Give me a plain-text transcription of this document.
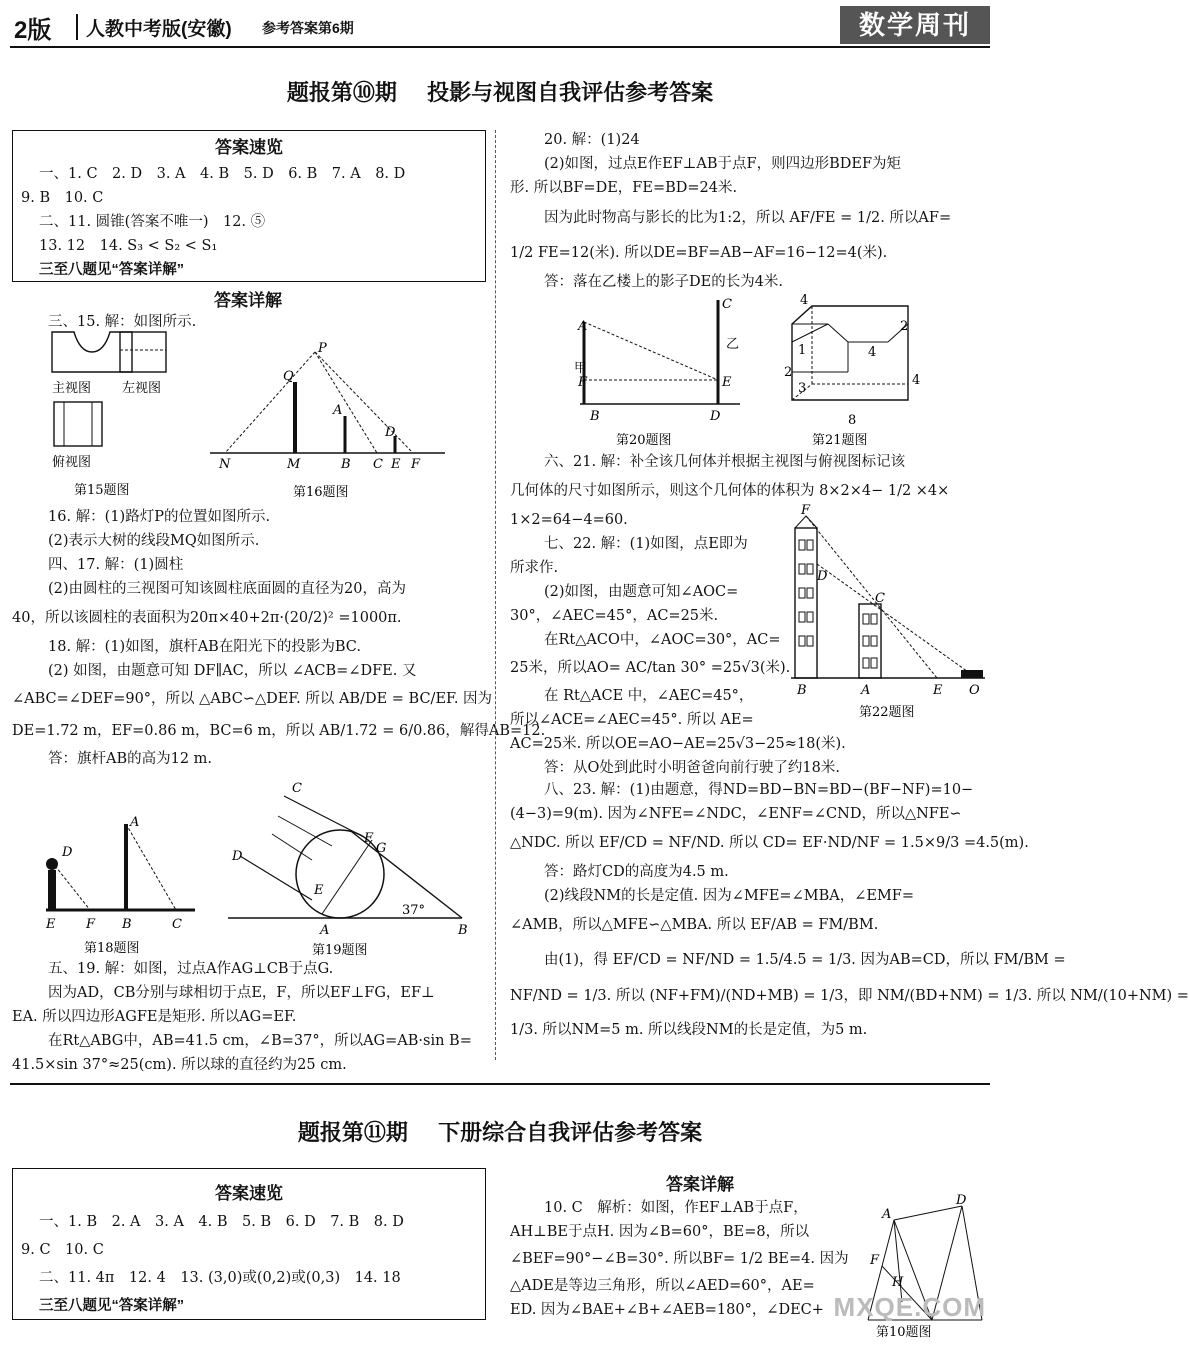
2版 人教中考版(安徽) 参考答案第6期	数学周刊
题报第⑩期 投影与视图自我评估参考答案
答案速览
一、1. C　2. D　3. A　4. B　5. D　6. B　7. A　8. D
9. B　10. C
二、11. 圆锥(答案不唯一)　12. ⑤
13. 12　14. S₃ < S₂ < S₁
三至八题见“答案详解”
答案详解
三、15. 解：如图所示.
主视图 左视图
俯视图
第15题图
P
Q
A
D
N	M	B C E F
第16题图

16. 解：(1)路灯P的位置如图所示.

(2)表示大树的线段MQ如图所示.

四、17. 解：(1)圆柱

(2)由圆柱的三视图可知该圆柱底面圆的直径为20，高为

40，所以该圆柱的表面积为20π×40+2π·(20/2)² =1000π.

18. 解：(1)如图，旗杆AB在阳光下的投影为BC.

(2) 如图，由题意可知 DF∥AC，所以 ∠ACB=∠DFE. 又

∠ABC=∠DEF=90°，所以 △ABC∽△DEF. 所以 AB/DE = BC/EF. 因为

DE=1.72 m，EF=0.86 m，BC=6 m，所以 AB/1.72 = 6/0.86，解得AB=12.

答：旗杆AB的高为12 m.

D
A
E F B	C
第18题图
C
D
F
G
E
A	B
37°
第19题图

五、19. 解：如图，过点A作AG⊥CB于点G.

因为AD，CB分别与球相切于点E，F，所以EF⊥FG，EF⊥

EA. 所以四边形AGFE是矩形. 所以AG=EF.

在Rt△ABG中，AB=41.5 cm，∠B=37°，所以AG=AB·sin B=

41.5×sin 37°≈25(cm). 所以球的直径约为25 cm.

20. 解：(1)24

(2)如图，过点E作EF⊥AB于点F，则四边形BDEF为矩

形. 所以BF=DE，FE=BD=24米.

因为此时物高与影长的比为1:2，所以 AF/FE = 1/2. 所以AF=

1/2 FE=12(米). 所以DE=BF=AB−AF=16−12=4(米).

答：落在乙楼上的影子DE的长为4米.

C
A
乙
甲
F	E
B	D
第20题图
4
2
1	4
2
3
4
8
第21题图

六、21. 解：补全该几何体并根据主视图与俯视图标记该

几何体的尺寸如图所示，则这个几何体的体积为 8×2×4− 1/2 ×4×

1×2=64−4=60.

七、22. 解：(1)如图，点E即为

所求作.

(2)如图，由题意可知∠AOC=

30°，∠AEC=45°，AC=25米.

在Rt△ACO中，∠AOC=30°，AC=

25米，所以AO= AC/tan 30° =25√3(米).

在 Rt△ACE 中，∠AEC=45°，

所以∠ACE=∠AEC=45°. 所以 AE=

AC=25米. 所以OE=AO−AE=25√3−25≈18(米).

答：从O处到此时小明爸爸向前行驶了约18米.

F
D
C
B	A	E O
第22题图

八、23. 解：(1)由题意，得ND=BD−BN=BD−(BF−NF)=10−

(4−3)=9(m). 因为∠NFE=∠NDC，∠ENF=∠CND，所以△NFE∽

△NDC. 所以 EF/CD = NF/ND. 所以 CD= EF·ND/NF = 1.5×9/3 =4.5(m).

答：路灯CD的高度为4.5 m.

(2)线段NM的长是定值. 因为∠MFE=∠MBA，∠EMF=

∠AMB，所以△MFE∽△MBA. 所以 EF/AB = FM/BM.

由(1)，得 EF/CD = NF/ND = 1.5/4.5 = 1/3. 因为AB=CD，所以 FM/BM =

NF/ND = 1/3. 所以 (NF+FM)/(ND+MB) = 1/3，即 NM/(BD+NM) = 1/3. 所以 NM/(10+NM) =

1/3. 所以NM=5 m. 所以线段NM的长是定值，为5 m.

题报第⑪期 下册综合自我评估参考答案
答案速览
一、1. B　2. A　3. A　4. B　5. B　6. D　7. B　8. D
9. C　10. C
二、11. 4π　12. 4　13. (3,0)或(0,2)或(0,3)　14. 18
三至八题见“答案详解”
答案详解

10. C　解析：如图，作EF⊥AB于点F，

AH⊥BE于点H. 因为∠B=60°，BE=8，所以

∠BEF=90°−∠B=30°. 所以BF= 1/2 BE=4. 因为

△ADE是等边三角形，所以∠AED=60°，AE=

ED. 因为∠BAE+∠B+∠AEB=180°，∠DEC+

D
A
F
H
第10题图
MXQE.COM
